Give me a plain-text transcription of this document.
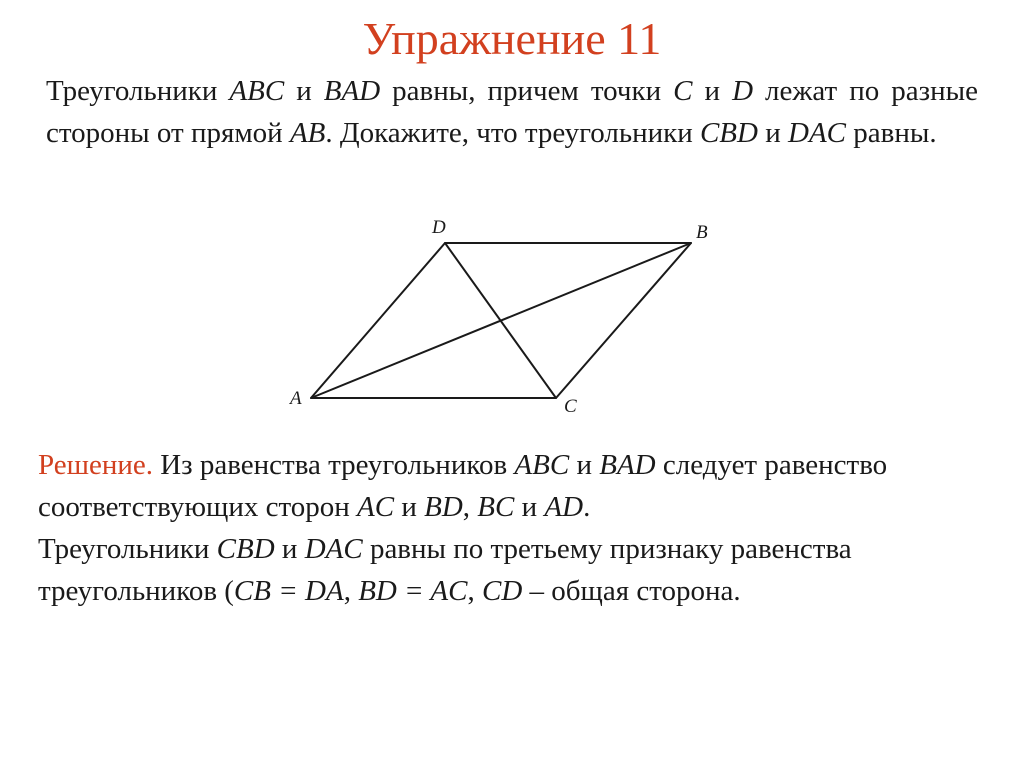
Упражнение 11
Треугольники ABC и BAD равны, причем точки C и D лежат по разные стороны от прямой AB. Докажите, что треугольники CBD и DAC равны.
A
B
C
D
Решение. Из равенства треугольников ABC и BAD следует равенство соответствующих сторон AC и BD, BC и AD.
Треугольники CBD и DAC равны по третьему признаку равенства треугольников (CB = DA, BD = AC, CD – общая сторона.
